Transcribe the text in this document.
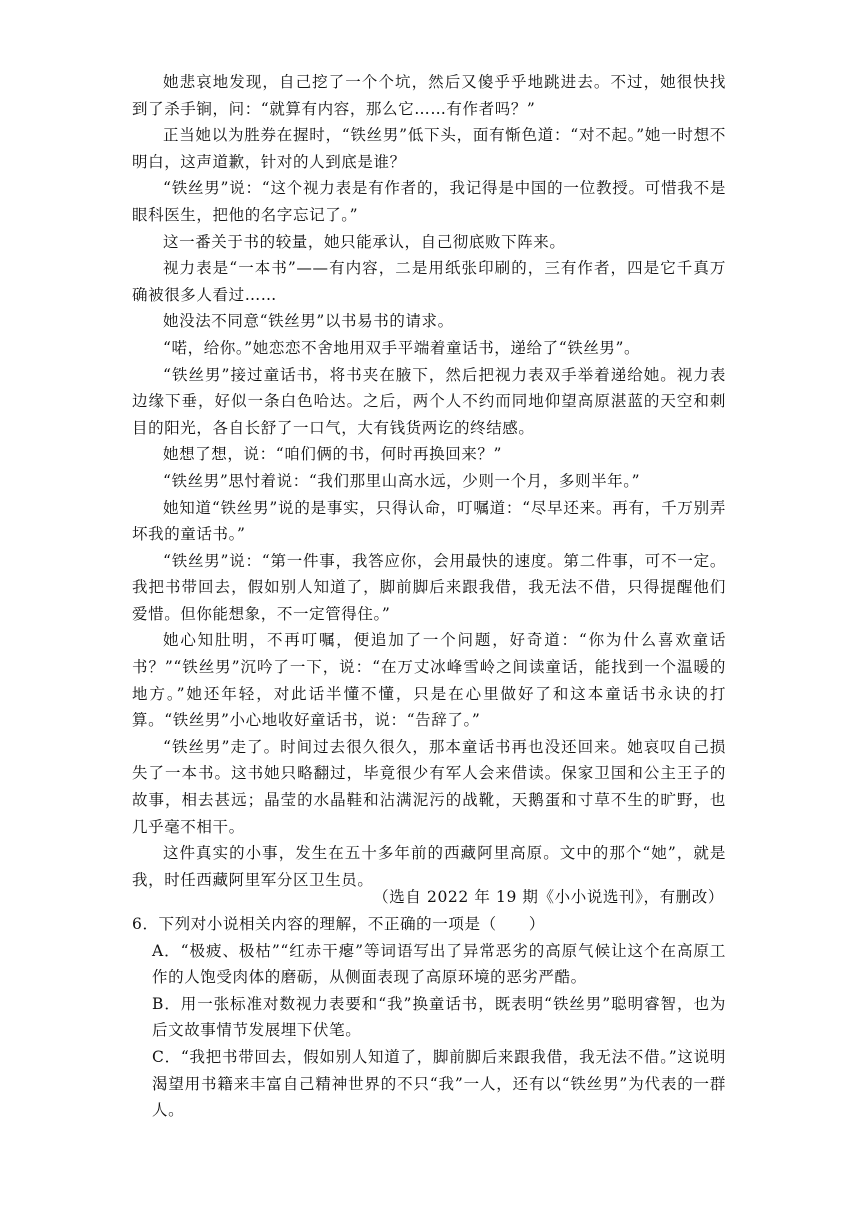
她悲哀地发现，自己挖了一个个坑，然后又傻乎乎地跳进去。不过，她很快找到了杀手锏，问：“就算有内容，那么它……有作者吗？”

正当她以为胜券在握时，“铁丝男”低下头，面有惭色道：“对不起。”她一时想不明白，这声道歉，针对的人到底是谁？

“铁丝男”说：“这个视力表是有作者的，我记得是中国的一位教授。可惜我不是眼科医生，把他的名字忘记了。”

这一番关于书的较量，她只能承认，自己彻底败下阵来。

视力表是“一本书”——有内容，二是用纸张印刷的，三有作者，四是它千真万确被很多人看过……

她没法不同意“铁丝男”以书易书的请求。

“喏，给你。”她恋恋不舍地用双手平端着童话书，递给了“铁丝男”。

“铁丝男”接过童话书，将书夹在腋下，然后把视力表双手举着递给她。视力表边缘下垂，好似一条白色哈达。之后，两个人不约而同地仰望高原湛蓝的天空和刺目的阳光，各自长舒了一口气，大有钱货两讫的终结感。

她想了想，说：“咱们俩的书，何时再换回来？”

“铁丝男”思忖着说：“我们那里山高水远，少则一个月，多则半年。”

她知道“铁丝男”说的是事实，只得认命，叮嘱道：“尽早还来。再有，千万别弄坏我的童话书。”

“铁丝男”说：“第一件事，我答应你，会用最快的速度。第二件事，可不一定。我把书带回去，假如别人知道了，脚前脚后来跟我借，我无法不借，只得提醒他们爱惜。但你能想象，不一定管得住。”

她心知肚明，不再叮嘱，便追加了一个问题，好奇道：“你为什么喜欢童话书？”“铁丝男”沉吟了一下，说：“在万丈冰峰雪岭之间读童话，能找到一个温暖的地方。”她还年轻，对此话半懂不懂，只是在心里做好了和这本童话书永诀的打算。“铁丝男”小心地收好童话书，说：“告辞了。”

“铁丝男”走了。时间过去很久很久，那本童话书再也没还回来。她哀叹自己损失了一本书。这书她只略翻过，毕竟很少有军人会来借读。保家卫国和公主王子的故事，相去甚远；晶莹的水晶鞋和沾满泥污的战靴，天鹅蛋和寸草不生的旷野，也几乎毫不相干。

这件真实的小事，发生在五十多年前的西藏阿里高原。文中的那个“她”，就是我，时任西藏阿里军分区卫生员。

（选自 2022 年 19 期《小小说选刊》，有删改）

6．下列对小说相关内容的理解，不正确的一项是（　　）

A．“极疲、极枯”“红赤干瘪”等词语写出了异常恶劣的高原气候让这个在高原工作的人饱受肉体的磨砺，从侧面表现了高原环境的恶劣严酷。

B．用一张标准对数视力表要和“我”换童话书，既表明“铁丝男”聪明睿智，也为后文故事情节发展埋下伏笔。

C．“我把书带回去，假如别人知道了，脚前脚后来跟我借，我无法不借。”这说明渴望用书籍来丰富自己精神世界的不只“我”一人，还有以“铁丝男”为代表的一群人。
